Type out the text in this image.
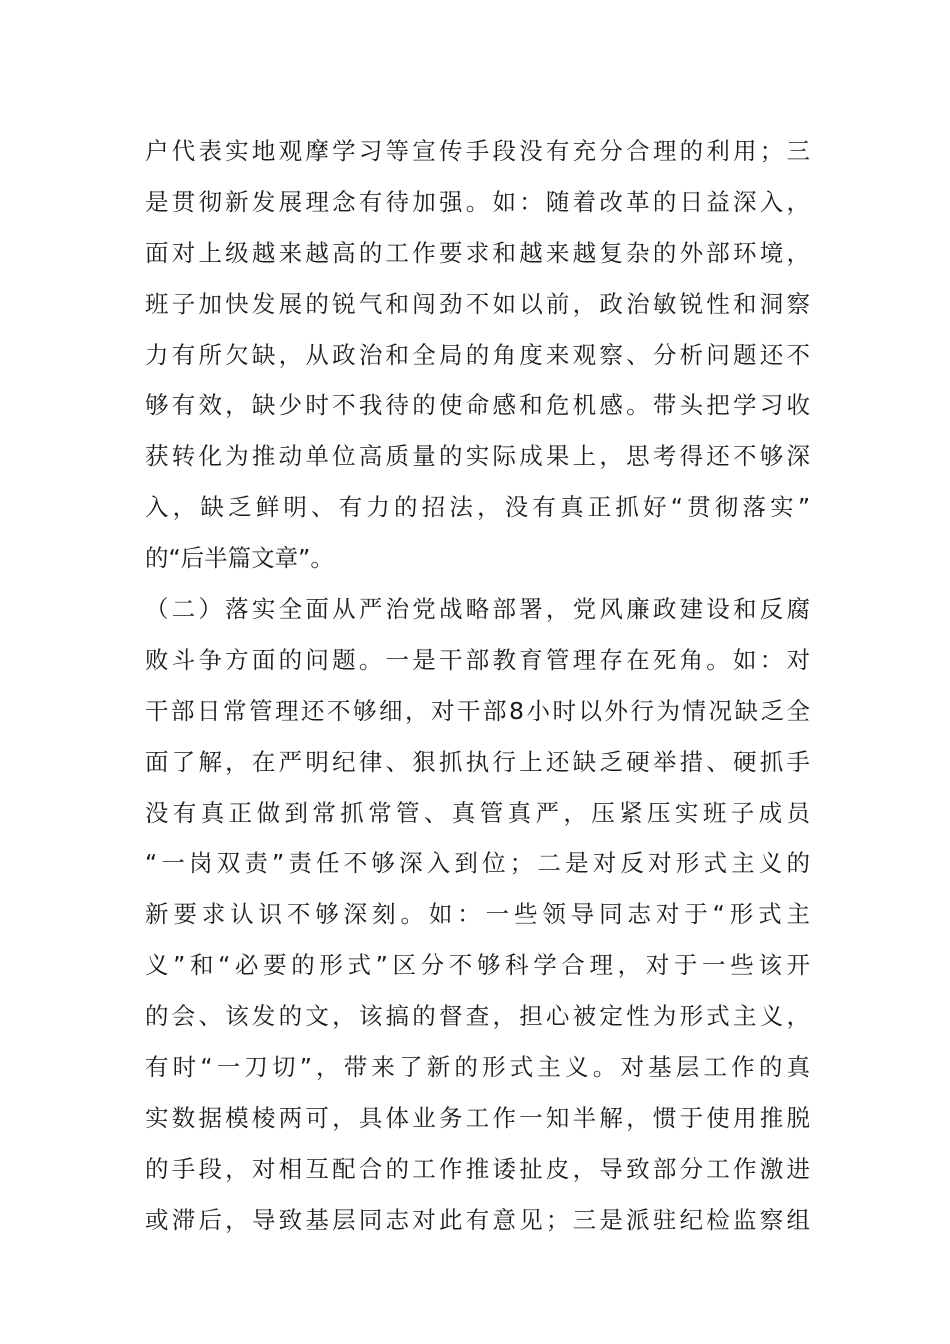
户代表实地观摩学习等宣传手段没有充分合理的利用；三
是贯彻新发展理念有待加强。如：随着改革的日益深入，
面对上级越来越高的工作要求和越来越复杂的外部环境，
班子加快发展的锐气和闯劲不如以前，政治敏锐性和洞察
力有所欠缺，从政治和全局的角度来观察、分析问题还不
够有效，缺少时不我待的使命感和危机感。带头把学习收
获转化为推动单位高质量的实际成果上，思考得还不够深
入，缺乏鲜明、有力的招法，没有真正抓好“贯彻落实”
的“后半篇文章”。
（二）落实全面从严治党战略部署，党风廉政建设和反腐
败斗争方面的问题。一是干部教育管理存在死角。如：对
干部日常管理还不够细，对干部8小时以外行为情况缺乏全
面了解，在严明纪律、狠抓执行上还缺乏硬举措、硬抓手
没有真正做到常抓常管、真管真严，压紧压实班子成员
“一岗双责”责任不够深入到位；二是对反对形式主义的
新要求认识不够深刻。如：一些领导同志对于“形式主
义”和“必要的形式”区分不够科学合理，对于一些该开
的会、该发的文，该搞的督查，担心被定性为形式主义，
有时“一刀切”，带来了新的形式主义。对基层工作的真
实数据模棱两可，具体业务工作一知半解，惯于使用推脱
的手段，对相互配合的工作推诿扯皮，导致部分工作激进
或滞后，导致基层同志对此有意见；三是派驻纪检监察组
